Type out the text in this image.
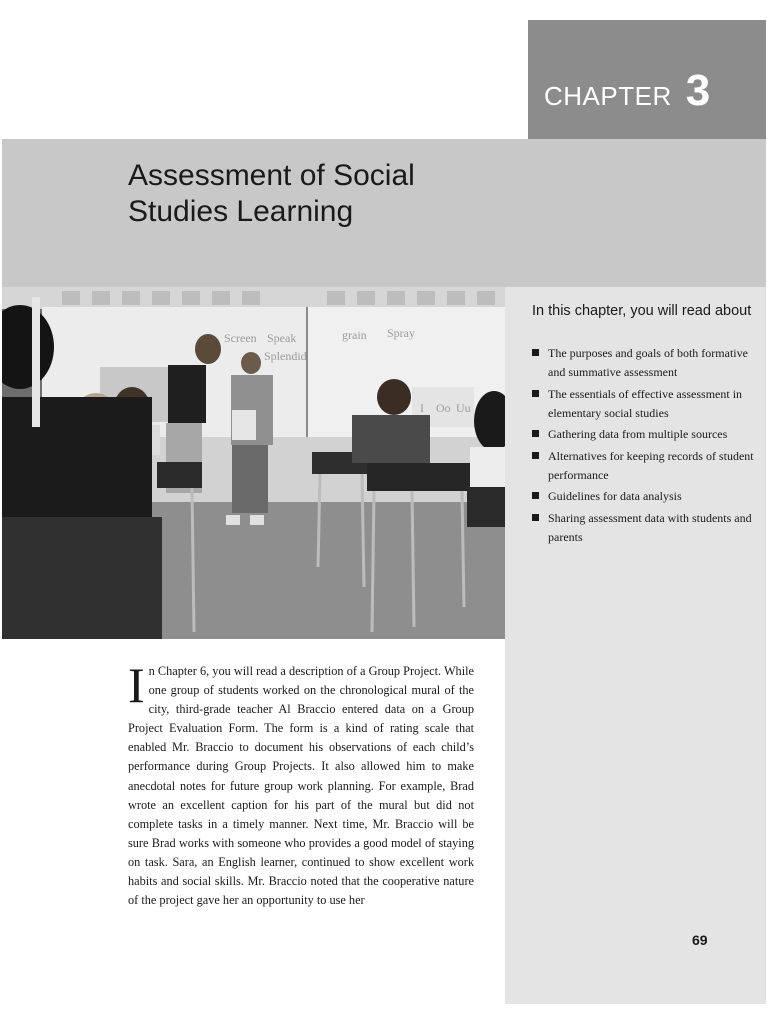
CHAPTER 3
Assessment of Social
Studies Learning
Screen Speak	grain Spray
Splendid
In this chapter, you will read about
The purposes and goals of both formative and summative assessment
The essentials of effective assessment in elementary social studies
Gathering data from multiple sources
Alternatives for keeping records of student performance
Guidelines for data analysis
Sharing assessment data with students and parents
In Chapter 6, you will read a description of a Group Project. While one group of students worked on the chronological mural of the city, third-grade teacher Al Braccio entered data on a Group Project Evaluation Form. The form is a kind of rating scale that enabled Mr. Braccio to document his observations of each child’s performance during Group Projects. It also allowed him to make anecdotal notes for future group work planning. For example, Brad wrote an excellent caption for his part of the mural but did not complete tasks in a timely manner. Next time, Mr. Braccio will be sure Brad works with someone who provides a good model of staying on task. Sara, an English learner, continued to show excellent work habits and social skills. Mr. Braccio noted that the cooperative nature of the project gave her an opportunity to use her
69
